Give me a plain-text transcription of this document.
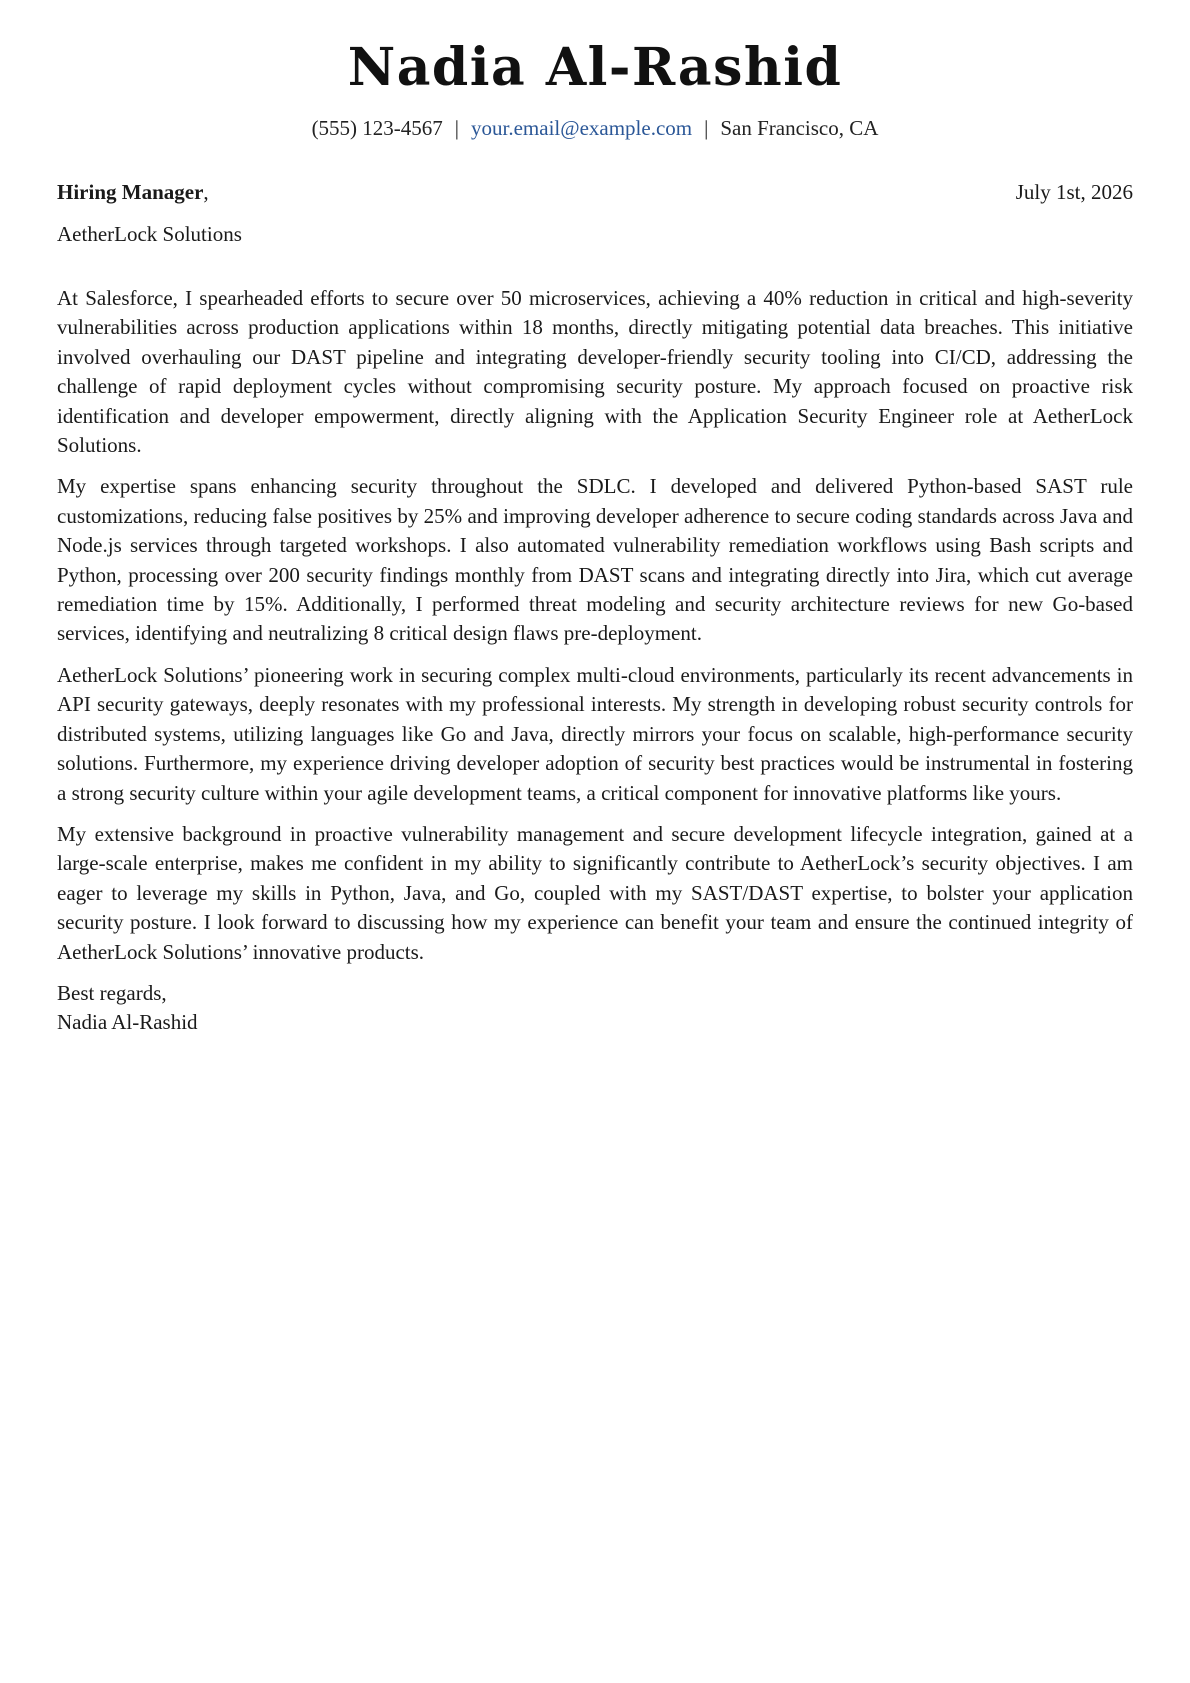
Nadia Al-Rashid
(555) 123-4567 | your.email@example.com | San Francisco, CA
Hiring Manager,	July 1st, 2026
AetherLock Solutions

At Salesforce, I spearheaded efforts to secure over 50 microservices, achieving a 40% reduction in critical and high-severity vulnerabilities across production applications within 18 months, directly mitigating potential data breaches. This initiative involved overhauling our DAST pipeline and integrating developer-friendly security tooling into CI/CD, addressing the challenge of rapid deployment cycles without compromising security posture. My approach focused on proactive risk identification and developer empowerment, directly aligning with the Application Security Engineer role at AetherLock Solutions.

My expertise spans enhancing security throughout the SDLC. I developed and delivered Python-based SAST rule customizations, reducing false positives by 25% and improving developer adherence to secure coding standards across Java and Node.js services through targeted workshops. I also automated vulnerability remediation workflows using Bash scripts and Python, processing over 200 security findings monthly from DAST scans and integrating directly into Jira, which cut average remediation time by 15%. Additionally, I performed threat modeling and security architecture reviews for new Go-based services, identifying and neutralizing 8 critical design flaws pre-deployment.

AetherLock Solutions’ pioneering work in securing complex multi-cloud environments, particularly its recent advancements in API security gateways, deeply resonates with my professional interests. My strength in developing robust security controls for distributed systems, utilizing languages like Go and Java, directly mirrors your focus on scalable, high-performance security solutions. Furthermore, my experience driving developer adoption of security best practices would be instrumental in fostering a strong security culture within your agile development teams, a critical component for innovative platforms like yours.

My extensive background in proactive vulnerability management and secure development lifecycle integration, gained at a large-scale enterprise, makes me confident in my ability to significantly contribute to AetherLock’s security objectives. I am eager to leverage my skills in Python, Java, and Go, coupled with my SAST/DAST expertise, to bolster your application security posture. I look forward to discussing how my experience can benefit your team and ensure the continued integrity of AetherLock Solutions’ innovative products.

Best regards,
Nadia Al-Rashid
